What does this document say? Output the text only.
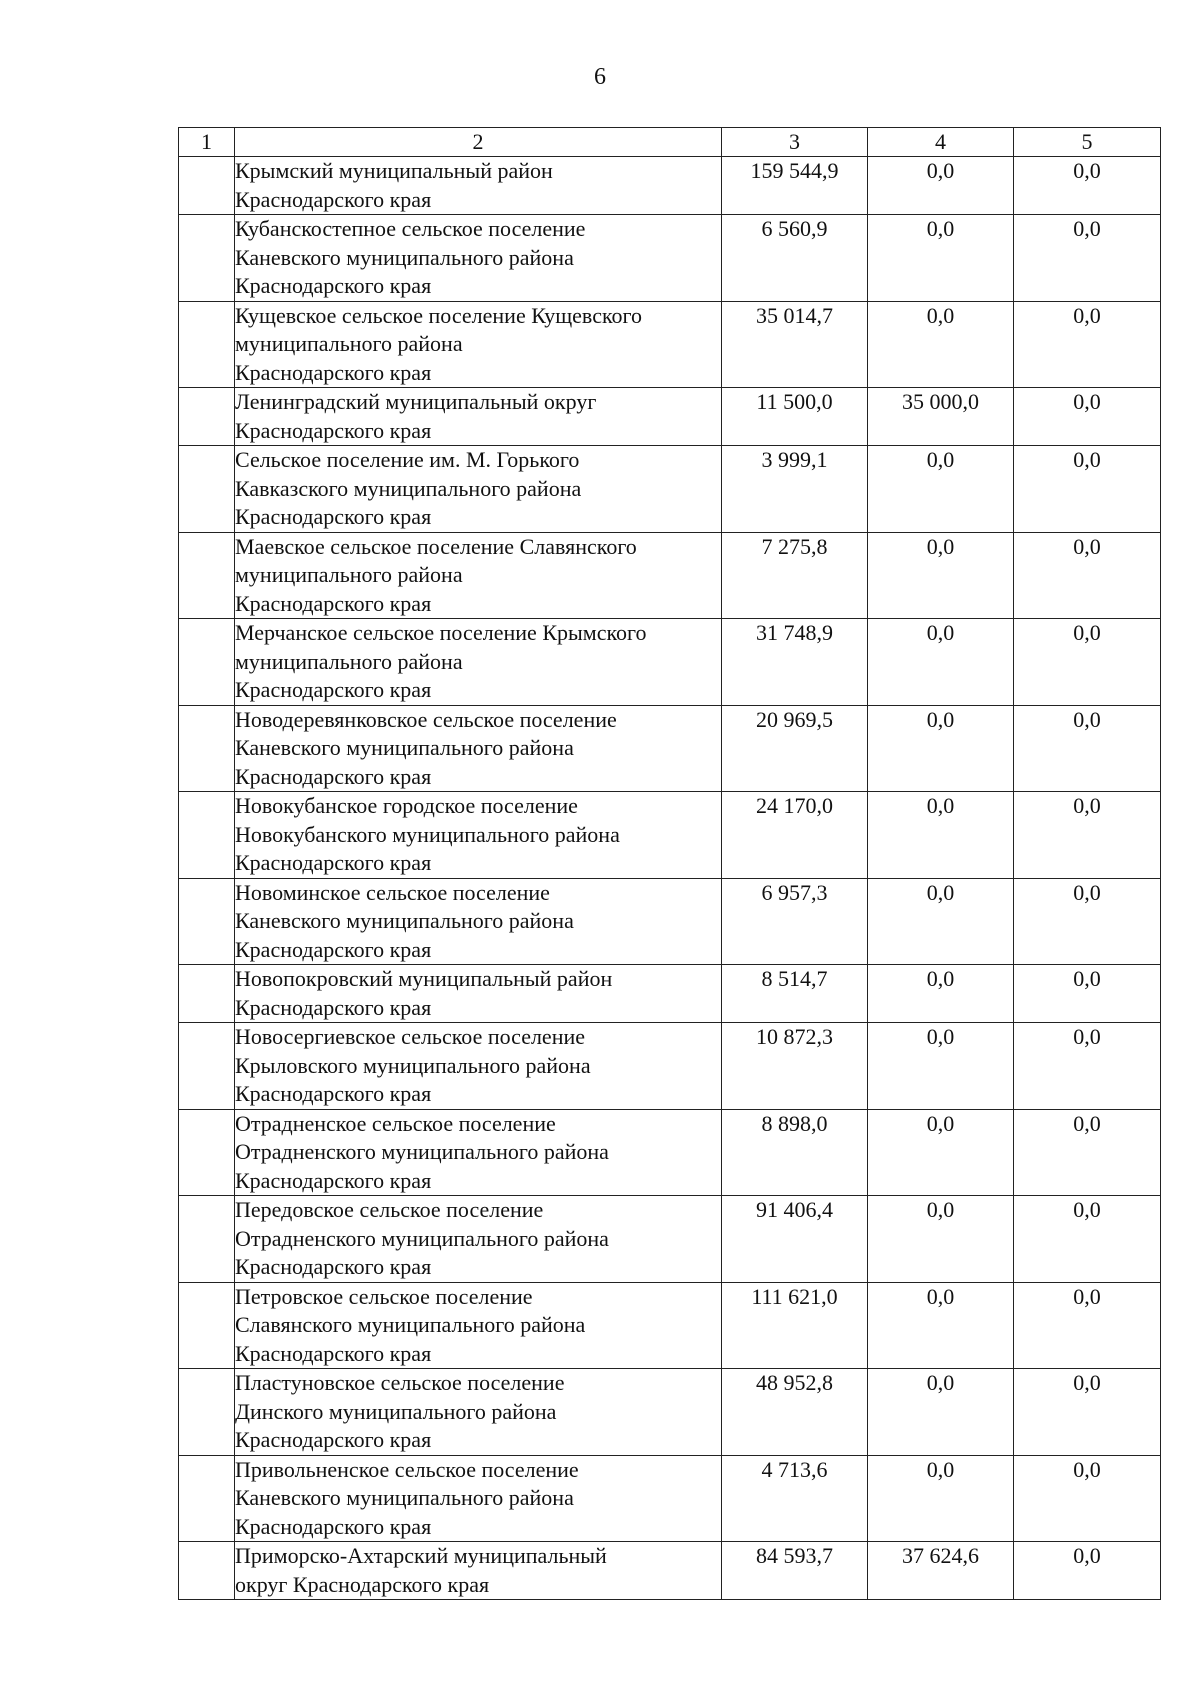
6
1	2	3	4	5

	Крымский муниципальный район
Краснодарского края	159 544,9	0,0	0,0

	Кубанскостепное сельское поселение
Каневского муниципального района
Краснодарского края	6 560,9	0,0	0,0

	Кущевское сельское поселение Кущевского
муниципального района
Краснодарского края	35 014,7	0,0	0,0

	Ленинградский муниципальный округ
Краснодарского края	11 500,0	35 000,0	0,0

	Сельское поселение им. М. Горького
Кавказского муниципального района
Краснодарского края	3 999,1	0,0	0,0

	Маевское сельское поселение Славянского
муниципального района
Краснодарского края	7 275,8	0,0	0,0

	Мерчанское сельское поселение Крымского
муниципального района
Краснодарского края	31 748,9	0,0	0,0

	Новодеревянковское сельское поселение
Каневского муниципального района
Краснодарского края	20 969,5	0,0	0,0

	Новокубанское городское поселение
Новокубанского муниципального района
Краснодарского края	24 170,0	0,0	0,0

	Новоминское сельское поселение
Каневского муниципального района
Краснодарского края	6 957,3	0,0	0,0

	Новопокровский муниципальный район
Краснодарского края	8 514,7	0,0	0,0

	Новосергиевское сельское поселение
Крыловского муниципального района
Краснодарского края	10 872,3	0,0	0,0

	Отрадненское сельское поселение
Отрадненского муниципального района
Краснодарского края	8 898,0	0,0	0,0

	Передовское сельское поселение
Отрадненского муниципального района
Краснодарского края	91 406,4	0,0	0,0

	Петровское сельское поселение
Славянского муниципального района
Краснодарского края	111 621,0	0,0	0,0

	Пластуновское сельское поселение
Динского муниципального района
Краснодарского края	48 952,8	0,0	0,0

	Привольненское сельское поселение
Каневского муниципального района
Краснодарского края	4 713,6	0,0	0,0

	Приморско-Ахтарский муниципальный
округ Краснодарского края	84 593,7	37 624,6	0,0
